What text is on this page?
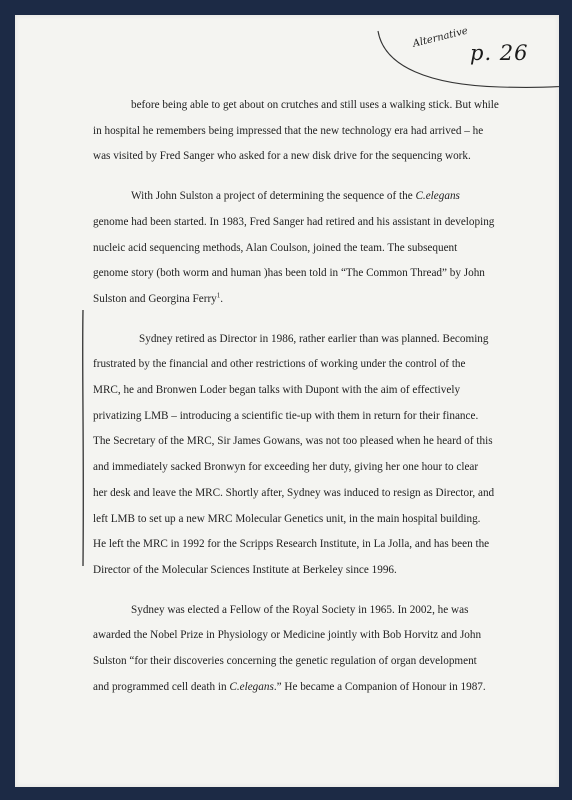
Alternative
p. 26

before being able to get about on crutches and still uses a walking stick. But while
in hospital he remembers being impressed that the new technology era had arrived – he
was visited by Fred Sanger who asked for a new disk drive for the sequencing work.

With John Sulston a project of determining the sequence of the C.elegans
genome had been started. In 1983, Fred Sanger had retired and his assistant in developing
nucleic acid sequencing methods, Alan Coulson, joined the team. The subsequent
genome story (both worm and human )has been told in “The Common Thread” by John
Sulston and Georgina Ferry$^1$.

Sydney retired as Director in 1986, rather earlier than was planned. Becoming
frustrated by the financial and other restrictions of working under the control of the
MRC, he and Bronwen Loder began talks with Dupont with the aim of effectively
privatizing LMB – introducing a scientific tie-up with them in return for their finance.
The Secretary of the MRC, Sir James Gowans, was not too pleased when he heard of this
and immediately sacked Bronwyn for exceeding her duty, giving her one hour to clear
her desk and leave the MRC. Shortly after, Sydney was induced to resign as Director, and
left LMB to set up a new MRC Molecular Genetics unit, in the main hospital building.
He left the MRC in 1992 for the Scripps Research Institute, in La Jolla, and has been the
Director of the Molecular Sciences Institute at Berkeley since 1996.

Sydney was elected a Fellow of the Royal Society in 1965. In 2002, he was
awarded the Nobel Prize in Physiology or Medicine jointly with Bob Horvitz and John
Sulston “for their discoveries concerning the genetic regulation of organ development
and programmed cell death in C.elegans.” He became a Companion of Honour in 1987.
